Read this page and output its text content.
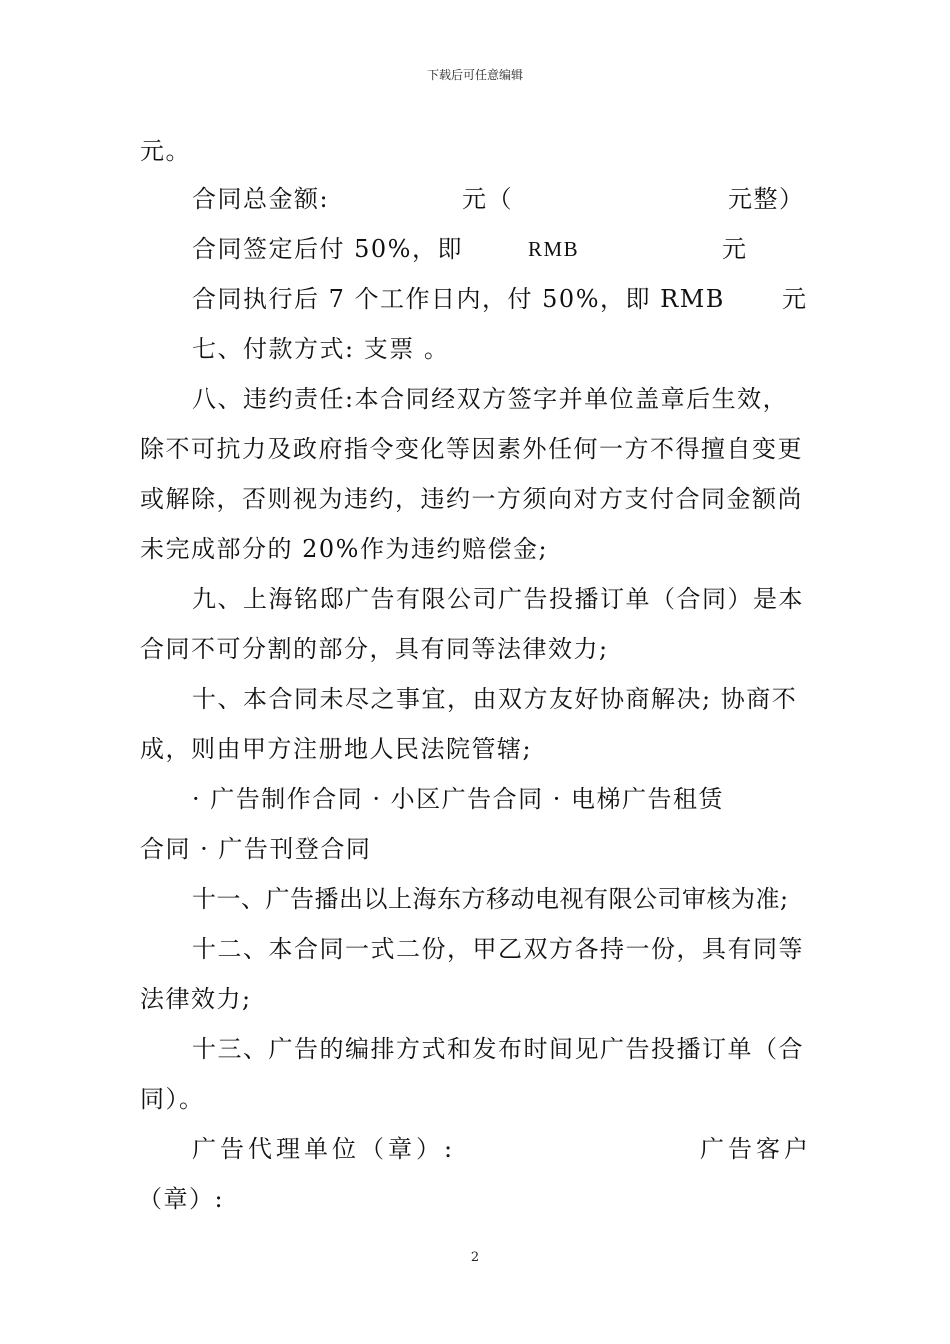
下载后可任意编辑
元。
合同总金额:	元（	元整）
合同签定后付 50%，即	RMB	元
合同执行后 7 个工作日内，付 50%，即 RMB 元
七、付款方式: 支票 。
八、违约责任:本合同经双方签字并单位盖章后生效，
除不可抗力及政府指令变化等因素外任何一方不得擅自变更
或解除，否则视为违约，违约一方须向对方支付合同金额尚
未完成部分的 20%作为违约赔偿金;
九、上海铭邸广告有限公司广告投播订单（合同）是本
合同不可分割的部分，具有同等法律效力;
十、本合同未尽之事宜，由双方友好协商解决; 协商不
成，则由甲方注册地人民法院管辖;
· 广告制作合同 · 小区广告合同 · 电梯广告租赁
合同 · 广告刊登合同
十一、广告播出以上海东方移动电视有限公司审核为准;
十二、本合同一式二份，甲乙双方各持一份，具有同等
法律效力;
十三、广告的编排方式和发布时间见广告投播订单（合
同）。
广告代理单位（章）:	广告客户
（章）:
2
